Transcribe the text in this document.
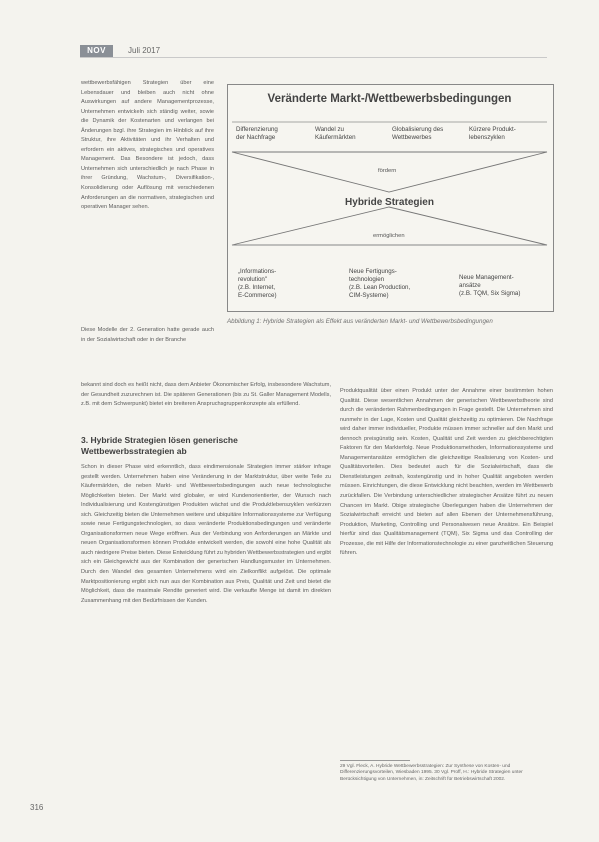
NOV	Juli 2017

wettbewerbsfähigen Strategien über eine Lebensdauer und bleiben auch nicht ohne Auswirkungen auf andere Managementprozesse, Unternehmen entwickeln sich ständig weiter, sowie die Dynamik der Kostenarten und verlangen bei Änderungen bzgl. ihre Strategien im Hinblick auf ihre Struktur, ihre Aktivitäten und ihr Verhalten und erfordern ein aktives, strategisches und operatives Management. Das Besondere ist jedoch, dass Unternehmen sich unterschiedlich je nach Phase in ihrer Gründung, Wachstum-, Diversifikation-, Konsolidierung oder Auflösung mit verschiedenen Anforderungen an die normativen, strategischen und operativen Manager sehen.

Veränderte Markt-/Wettbewerbsbedingungen
Differenzierung
der Nachfrage
Wandel zu
Käufermärkten
Globalisierung des
Wettbewerbes
Kürzere Produkt-
lebenszyklen
fördern
Hybride Strategien
ermöglichen
„Informations-
revolution"
(z.B. Internet,
E-Commerce)
Neue Fertigungs-
technologien
(z.B. Lean Production,
CIM-Systeme)
Neue Management-
ansätze
(z.B. TQM, Six Sigma)
Abbildung 1: Hybride Strategien als Effekt aus veränderten Markt- und Wettbewerbsbedingungen

Diese Modelle der 2. Generation hatte gerade auch in der Sozialwirtschaft oder in der Branche

bekannt sind doch es heißt nicht, dass dem Anbieter Ökonomischer Erfolg, insbesondere Wachstum, der Gesundheit zuzurechnen ist. Die späteren Generationen (bis zu St. Galler Management Modells, z.B. mit dem Schwerpunkt) bietet ein breiteren Anspruchsgruppenkonzepte als erfüllend.

3. Hybride Strategien lösen generische Wettbewerbsstrategien ab

Schon in dieser Phase wird erkenntlich, dass eindimensionale Strategien immer stärker infrage gestellt werden. Unternehmen haben eine Veränderung in der Marktstruktur, über weite Teile zu Käufermärkten, die neben Markt- und Wettbewerbsbedingungen auch neue technologische Möglichkeiten bieten. Der Markt wird globaler, er wird Kundenorientierter, der Wunsch nach Individualisierung und Kostengünstigen Produkten wächst und die Produktlebenszyklen verkürzen sich. Gleichzeitig bieten die Unternehmen weitere und ubiquitäre Informationssysteme zur Verfügung sowie neue Fertigungstechnologien, so dass veränderte Produktionsbedingungen und veränderte Organisationsformen neue Wege eröffnen. Aus der Verbindung von Anforderungen an Märkte und neuen Organisationsformen können Produkte entwickelt werden, die sowohl eine hohe Qualität als auch niedrigere Preise bieten. Diese Entwicklung führt zu hybriden Wettbewerbsstrategien und ergibt sich ein Gleichgewicht aus der Kombination der generischen Handlungsmuster im Unternehmen. Durch den Wandel des gesamten Unternehmens wird ein Zielkonflikt aufgelöst. Die optimale Marktpositionierung ergibt sich nun aus der Kombination aus Preis, Qualität und Zeit und bietet die Möglichkeit, dass die maximale Rendite generiert wird. Die verkaufte Menge ist damit im direkten Zusammenhang mit den Bedürfnissen der Kunden.

Produktqualität über einen Produkt unter der Annahme einer bestimmten hohen Qualität. Diese wesentlichen Annahmen der generischen Wettbewerbstheorie sind durch die veränderten Rahmenbedingungen in Frage gestellt. Die Unternehmen sind nunmehr in der Lage, Kosten und Qualität gleichzeitig zu optimieren. Die Nachfrage wird daher immer individueller, Produkte müssen immer schneller auf den Markt und dennoch preisgünstig sein. Kosten, Qualität und Zeit werden zu gleichberechtigten Faktoren für den Markterfolg. Neue Produktionsmethoden, Informationssysteme und Managementansätze ermöglichen die gleichzeitige Realisierung von Kosten- und Qualitätsvorteilen. Dies bedeutet auch für die Sozialwirtschaft, dass die Dienstleistungen zeitnah, kostengünstig und in hoher Qualität angeboten werden müssen. Einrichtungen, die diese Entwicklung nicht beachten, werden im Wettbewerb zurückfallen. Die Verbindung unterschiedlicher strategischer Ansätze führt zu neuen Chancen im Markt. Obige strategische Überlegungen haben die Unternehmen der Sozialwirtschaft erreicht und bieten auf allen Ebenen der Unternehmensführung, Produktion, Marketing, Controlling und Personalwesen neue Ansätze. Ein Beispiel hierfür sind das Qualitätsmanagement (TQM), Six Sigma und das Controlling der Prozesse, die mit Hilfe der Informationstechnologie zu einer ganzheitlichen Steuerung führen.

29 Vgl. Fleck, A. Hybride Wettbewerbsstrategien: Zur Synthese von Kosten- und Differenzierungsvorteilen, Wiesbaden 1995. 30 Vgl. Proff, H.: Hybride Strategien unter Berücksichtigung von Unternehmen, in: Zeitschrift für Betriebswirtschaft 2002.
316
